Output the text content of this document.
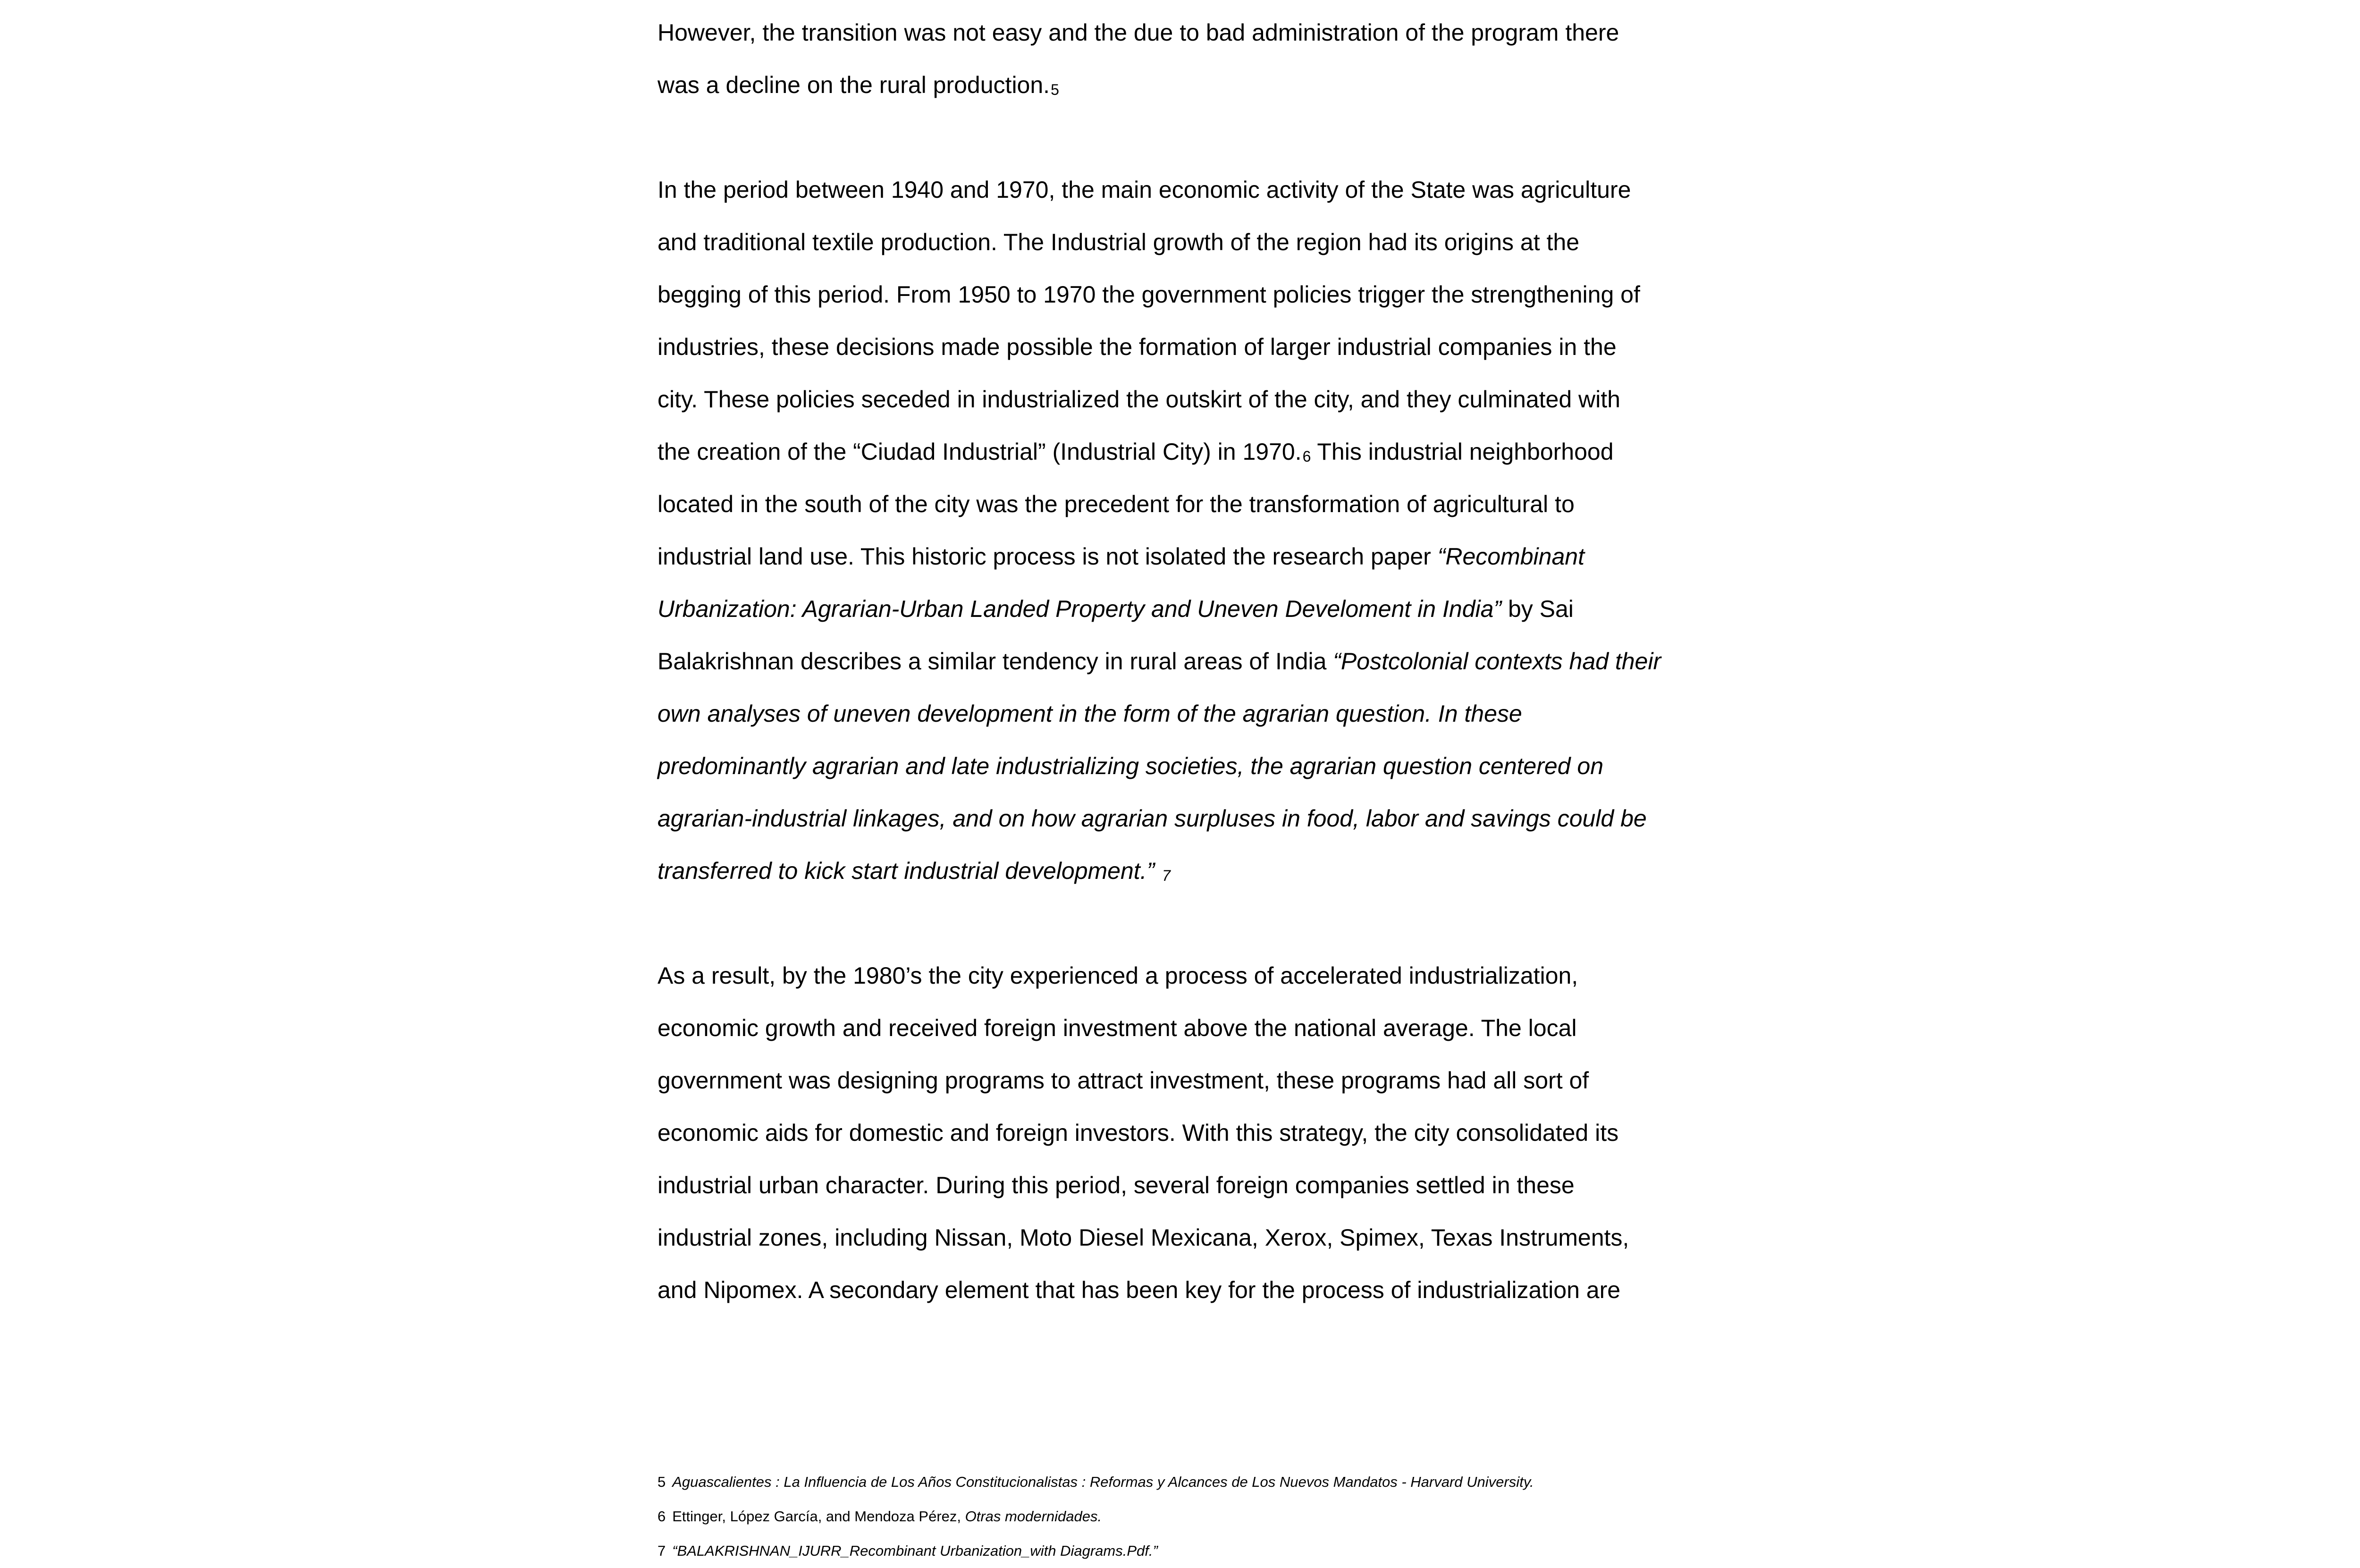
However, the transition was not easy and the due to bad administration of the program there
was a decline on the rural production.5
In the period between 1940 and 1970, the main economic activity of the State was agriculture
and traditional textile production. The Industrial growth of the region had its origins at the
begging of this period. From 1950 to 1970 the government policies trigger the strengthening of
industries, these decisions made possible the formation of larger industrial companies in the
city. These policies seceded in industrialized the outskirt of the city, and they culminated with
the creation of the “Ciudad Industrial” (Industrial City) in 1970.6 This industrial neighborhood
located in the south of the city was the precedent for the transformation of agricultural to
industrial land use. This historic process is not isolated the research paper “Recombinant
Urbanization: Agrarian-Urban Landed Property and Uneven Develoment in India” by Sai
Balakrishnan describes a similar tendency in rural areas of India “Postcolonial contexts had their
own analyses of uneven development in the form of the agrarian question. In these
predominantly agrarian and late industrializing societies, the agrarian question centered on
agrarian-industrial linkages, and on how agrarian surpluses in food, labor and savings could be
transferred to kick start industrial development.” 7
As a result, by the 1980’s the city experienced a process of accelerated industrialization,
economic growth and received foreign investment above the national average. The local
government was designing programs to attract investment, these programs had all sort of
economic aids for domestic and foreign investors. With this strategy, the city consolidated its
industrial urban character. During this period, several foreign companies settled in these
industrial zones, including Nissan, Moto Diesel Mexicana, Xerox, Spimex, Texas Instruments,
and Nipomex. A secondary element that has been key for the process of industrialization are
5 Aguascalientes : La Influencia de Los Años Constitucionalistas : Reformas y Alcances de Los Nuevos Mandatos - Harvard University.
6 Ettinger, López García, and Mendoza Pérez, Otras modernidades.
7 “BALAKRISHNAN_IJURR_Recombinant Urbanization_with Diagrams.Pdf.”
